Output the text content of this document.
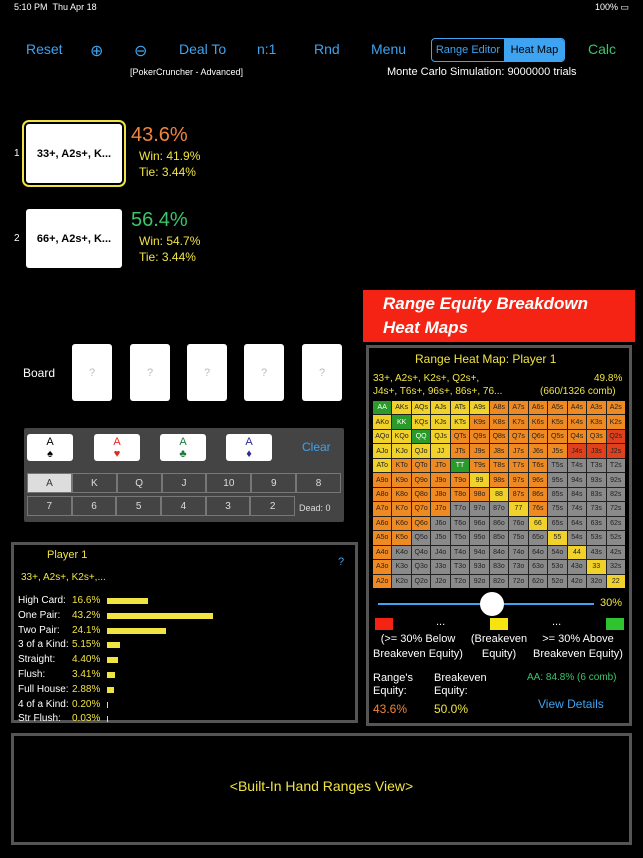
5:10 PM Thu Apr 18	100% ▭
Reset ⊕ ⊖ Deal To n:1	Rnd Menu	Range Editor Heat Map	Calc
[PokerCruncher - Advanced]	Monte Carlo Simulation: 9000000 trials
1	33+, A2s+, K...
43.6%
Win: 41.9%
Tie: 3.44%
2	66+, A2s+, K...
56.4%
Win: 54.7%
Tie: 3.44%
Board	?	?	?	?	?
A
♠
A
♥
A
♣
A
♦	Clear
A	K	Q	J	10	9	8
7	6	5	4	3	2	Dead: 0
Player 1
?
33+, A2s+, K2s+,...
High Card: 16.6%
One Pair: 43.2%
Two Pair: 24.1%
3 of a Kind: 5.15%
Straight: 4.40%
Flush:	3.41%
Full House: 2.88%
4 of a Kind: 0.20%
Str Flush: 0.03%
Range Equity Breakdown
Heat Maps
Range Heat Map: Player 1
33+, A2s+, K2s+, Q2s+,	49.8%
J4s+, T6s+, 96s+, 86s+, 76...	(660/1326 comb)
AA	AKs AQs AJs	ATs	A9s	A8s	A7s	A6s	A5s	A4s	A3s	A2s
AKo	KK	KQs KJs	KTs	K9s	K8s	K7s	K6s	K5s	K4s	K3s	K2s
AQo KQo	QQ	QJs	QTs Q9s Q8s Q7s Q6s Q5s Q4s Q3s Q2s
AJo	KJo	QJo	JJ	JTs	J9s	J8s	J7s	J6s	J5s	J4s	J3s	J2s
ATo	KTo	QTo	JTo	TT	T9s	T8s	T7s	T6s	T5s	T4s	T3s	T2s
A9o	K9o Q9o	J9o	T9o	99	98s	97s	96s	95s	94s	93s	92s
A8o	K8o Q8o	J8o	T8o	98o	88	87s	86s	85s	84s	83s	82s
A7o	K7o Q7o	J7o	T7o	97o	87o	77	76s	75s	74s	73s	72s
A6o	K6o Q6o	J6o	T6o	96o	86o	76o	66	65s	64s	63s	62s
A5o	K5o Q5o	J5o	T5o	95o	85o	75o	65o	55	54s	53s	52s
A4o	K4o Q4o	J4o	T4o	94o	84o	74o	64o	54o	44	43s	42s
A3o	K3o Q3o	J3o	T3o	93o	83o	73o	63o	53o	43o	33	32s
A2o	K2o Q2o	J2o	T2o	92o	82o	72o	62o	52o	42o	32o	22
30%
...	...
(>= 30% Below
Breakeven Equity)
(Breakeven
Equity)
>= 30% Above
Breakeven Equity)
Range's
Equity:
43.6%
Breakeven
Equity:
50.0%
AA: 84.8% (6 comb)
View Details
<Built-In Hand Ranges View>
